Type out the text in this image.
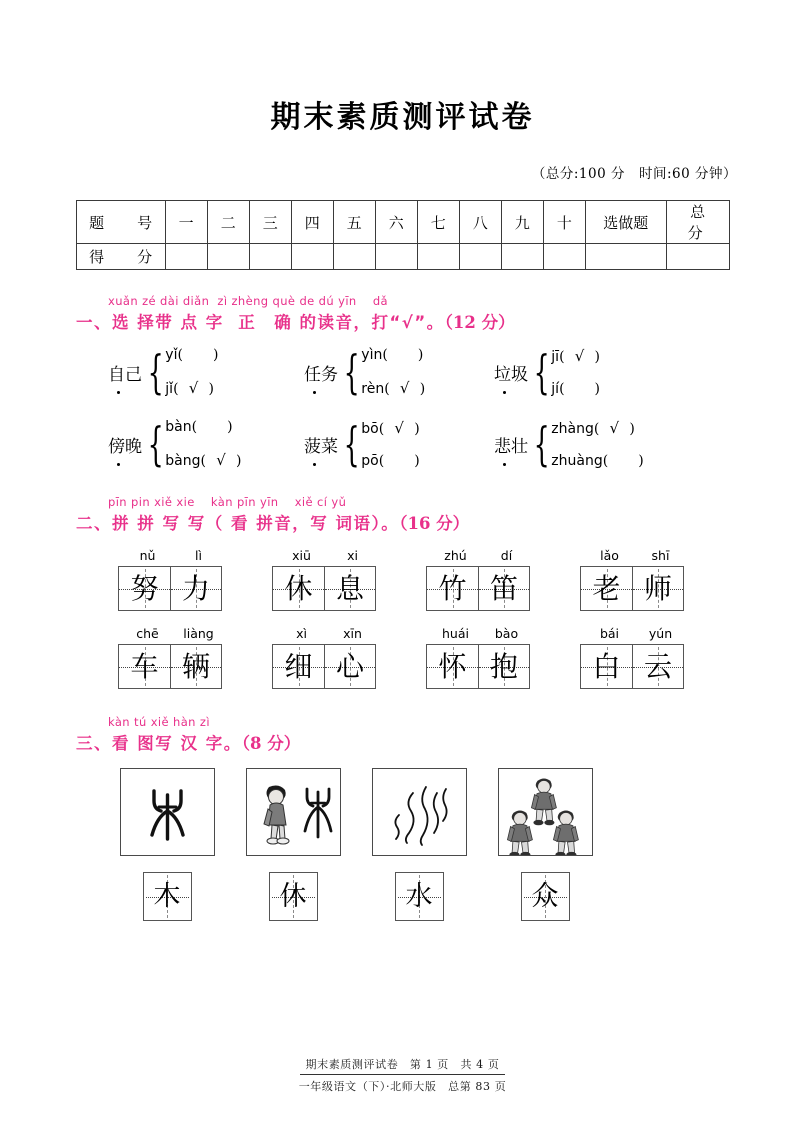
期末素质测评试卷
（总分:100 分　时间:60 分钟）
题　号	一	二	三	四	五	六	七	八	九	十	选做题	总　分
得　分												
xuǎn zé dài diǎn  zì zhèng què de dú yīn    dǎ
一、选 择带 点 字  正　确 的读音，打“√”。（12 分）
自己 { yǐ( )
jǐ( √ )
任务 { yìn( )
rèn( √ )
垃圾 { jī( √ )
jí( )
傍晚 { bàn( )
bàng( √ )
菠菜 { bō( √ )
pō( )
悲壮 { zhàng( √ )
zhuàng( )
pīn pin xiě xie    kàn pīn yīn    xiě cí yǔ
二、拼 拼 写 写（ 看 拼音，写 词语）。（16 分）
nǔ	lì
努 力
xiū	xi
休 息
zhú	dí
竹 笛
lǎo	shī
老 师
chē	liàng
车 辆
xì	xīn
细 心
huái	bào
怀 抱
bái	yún
白 云
kàn tú xiě hàn zì
三、看 图写 汉 字。（8 分）
木	休	水	众
期末素质测评试卷　第 1 页　共 4 页
一年级语文（下）·北师大版　总第 83 页
